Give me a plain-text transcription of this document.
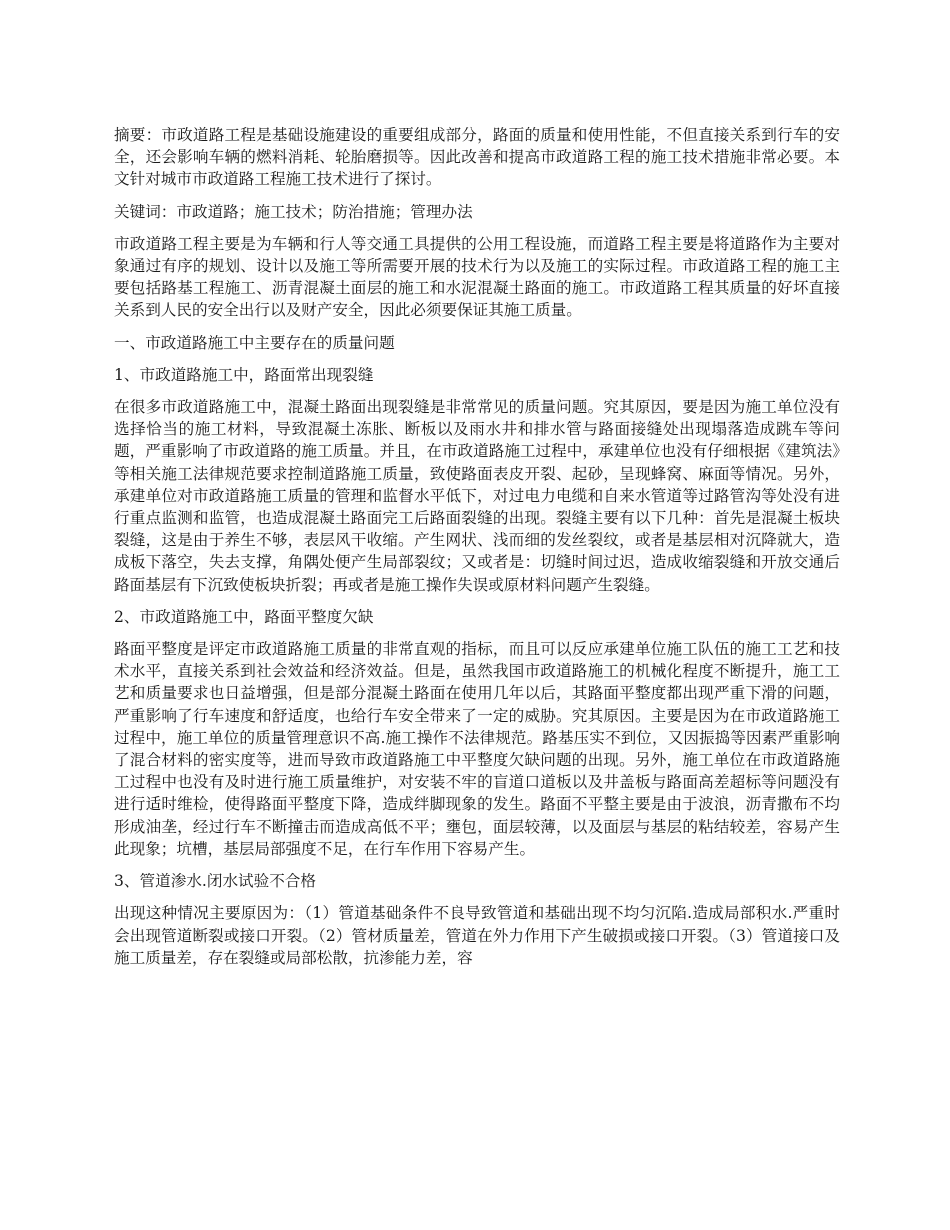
摘要：市政道路工程是基础设施建设的重要组成部分，路面的质量和使用性能，不但直接关系到行车的安全，还会影响车辆的燃料消耗、轮胎磨损等。因此改善和提高市政道路工程的施工技术措施非常必要。本文针对城市市政道路工程施工技术进行了探讨。

关键词：市政道路；施工技术；防治措施；管理办法

市政道路工程主要是为车辆和行人等交通工具提供的公用工程设施，而道路工程主要是将道路作为主要对象通过有序的规划、设计以及施工等所需要开展的技术行为以及施工的实际过程。市政道路工程的施工主要包括路基工程施工、沥青混凝土面层的施工和水泥混凝土路面的施工。市政道路工程其质量的好坏直接关系到人民的安全出行以及财产安全，因此必须要保证其施工质量。

一、市政道路施工中主要存在的质量问题

1、市政道路施工中，路面常出现裂缝

在很多市政道路施工中，混凝土路面出现裂缝是非常常见的质量问题。究其原因，要是因为施工单位没有选择恰当的施工材料，导致混凝土冻胀、断板以及雨水井和排水管与路面接缝处出现塌落造成跳车等问题，严重影响了市政道路的施工质量。并且，在市政道路施工过程中，承建单位也没有仔细根据《建筑法》等相关施工法律规范要求控制道路施工质量，致使路面表皮开裂、起砂，呈现蜂窝、麻面等情况。另外，承建单位对市政道路施工质量的管理和监督水平低下，对过电力电缆和自来水管道等过路管沟等处没有进行重点监测和监管，也造成混凝土路面完工后路面裂缝的出现。裂缝主要有以下几种：首先是混凝土板块裂缝，这是由于养生不够，表层风干收缩。产生网状、浅而细的发丝裂纹，或者是基层相对沉降就大，造成板下落空，失去支撑，角隅处便产生局部裂纹；又或者是：切缝时间过迟，造成收缩裂缝和开放交通后路面基层有下沉致使板块折裂；再或者是施工操作失误或原材料问题产生裂缝。

2、市政道路施工中，路面平整度欠缺

路面平整度是评定市政道路施工质量的非常直观的指标，而且可以反应承建单位施工队伍的施工工艺和技术水平，直接关系到社会效益和经济效益。但是，虽然我国市政道路施工的机械化程度不断提升，施工工艺和质量要求也日益增强，但是部分混凝土路面在使用几年以后，其路面平整度都出现严重下滑的问题，严重影响了行车速度和舒适度，也给行车安全带来了一定的威胁。究其原因。主要是因为在市政道路施工过程中，施工单位的质量管理意识不高.施工操作不法律规范。路基压实不到位，又因振捣等因素严重影响了混合材料的密实度等，进而导致市政道路施工中平整度欠缺问题的出现。另外，施工单位在市政道路施工过程中也没有及时进行施工质量维护，对安装不牢的盲道口道板以及井盖板与路面高差超标等问题没有进行适时维检，使得路面平整度下降，造成绊脚现象的发生。路面不平整主要是由于波浪，沥青撒布不均形成油垄，经过行车不断撞击而造成高低不平；壅包，面层较薄，以及面层与基层的粘结较差，容易产生此现象；坑槽，基层局部强度不足，在行车作用下容易产生。

3、管道渗水.闭水试验不合格

出现这种情况主要原因为：（1）管道基础条件不良导致管道和基础出现不均匀沉陷.造成局部积水.严重时会出现管道断裂或接口开裂。（2）管材质量差，管道在外力作用下产生破损或接口开裂。（3）管道接口及施工质量差，存在裂缝或局部松散，抗渗能力差，容
